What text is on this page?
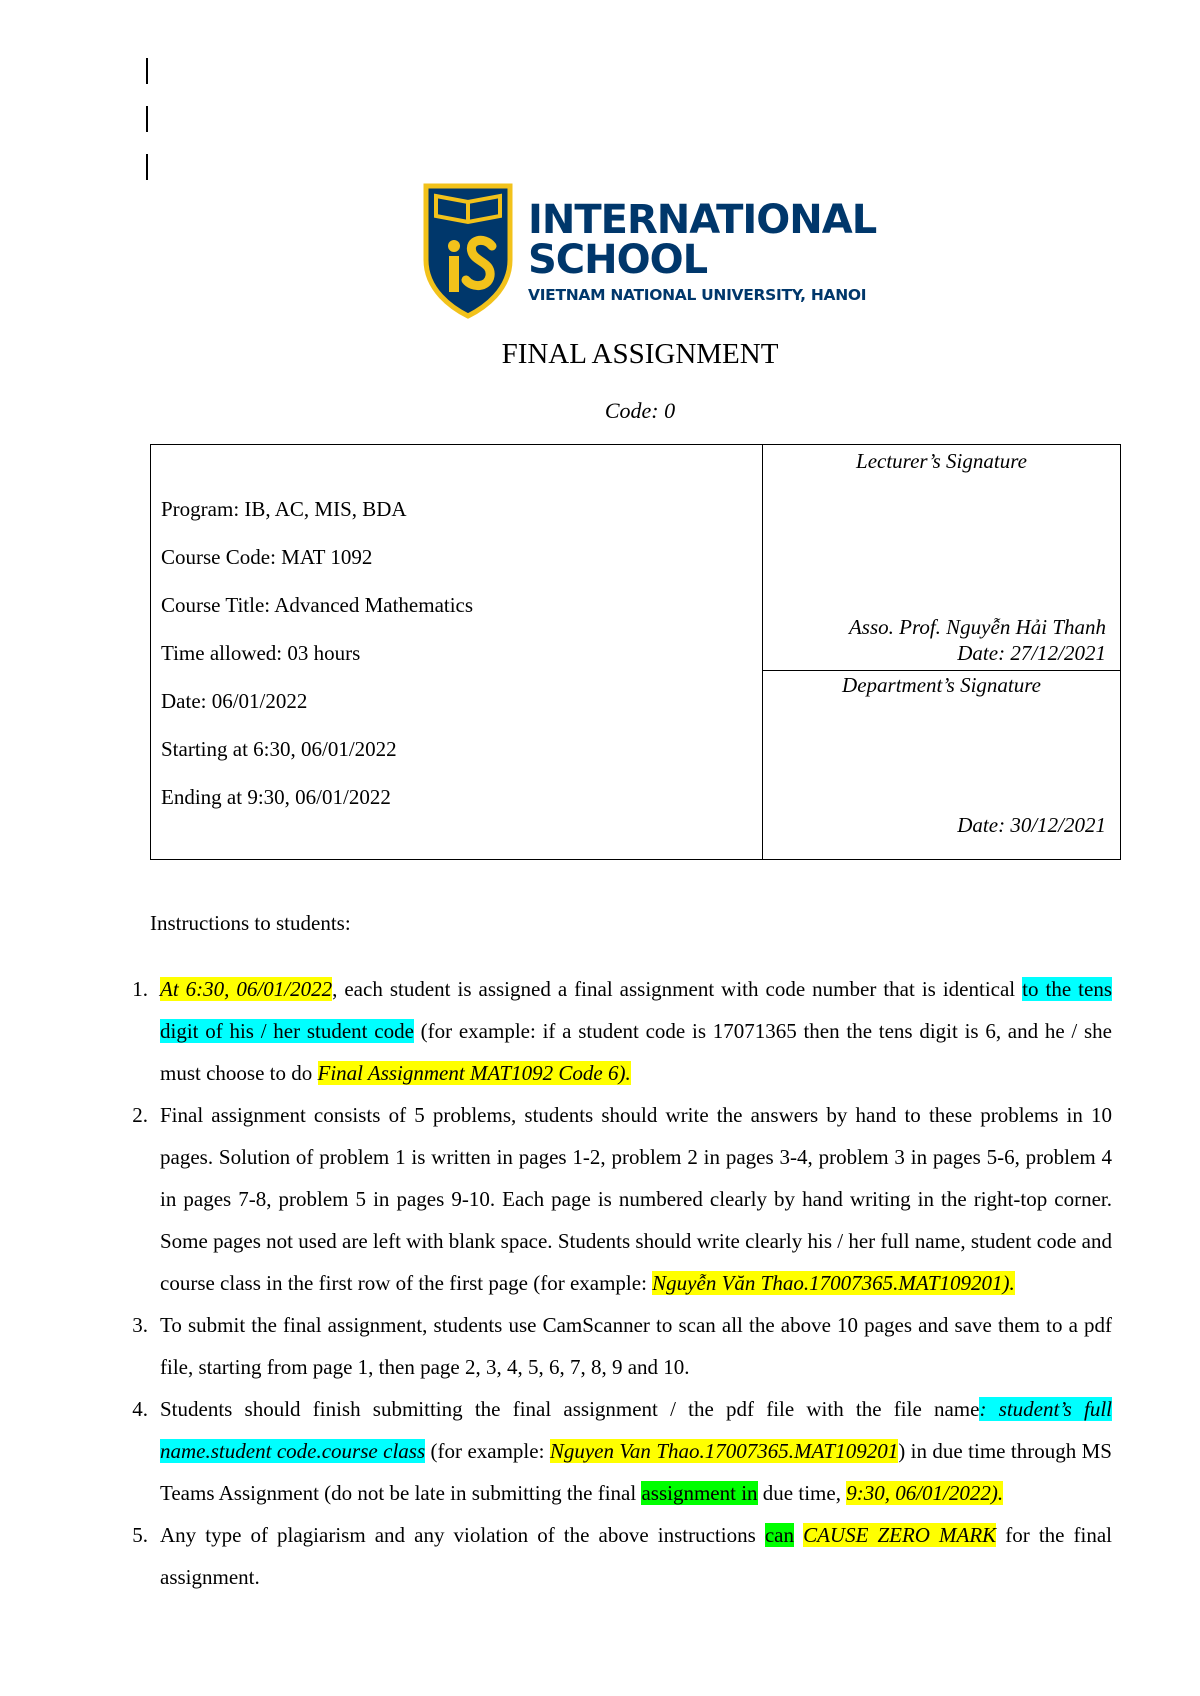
INTERNATIONAL
SCHOOL
VIETNAM NATIONAL UNIVERSITY, HANOI
FINAL ASSIGNMENT
Code: 0
Program: IB, AC, MIS, BDA
Course Code: MAT 1092
Course Title: Advanced Mathematics
Time allowed: 03 hours
Date: 06/01/2022
Starting at 6:30, 06/01/2022
Ending at 9:30, 06/01/2022
Lecturer’s Signature
Asso. Prof. Nguyễn Hải Thanh
Date: 27/12/2021
Department’s Signature
Date: 30/12/2021
Instructions to students:
1. At 6:30, 06/01/2022, each student is assigned a final assignment with code number that is identical to the tens digit of his / her student code (for example: if a student code is 17071365 then the tens digit is 6, and he / she must choose to do Final Assignment MAT1092 Code 6).
2. Final assignment consists of 5 problems, students should write the answers by hand to these problems in 10 pages. Solution of problem 1 is written in pages 1-2, problem 2 in pages 3-4, problem 3 in pages 5-6, problem 4 in pages 7-8, problem 5 in pages 9-10. Each page is numbered clearly by hand writing in the right-top corner. Some pages not used are left with blank space. Students should write clearly his / her full name, student code and course class in the first row of the first page (for example: Nguyễn Văn Thao.17007365.MAT109201).
3. To submit the final assignment, students use CamScanner to scan all the above 10 pages and save them to a pdf file, starting from page 1, then page 2, 3, 4, 5, 6, 7, 8, 9 and 10.
4. Students should finish submitting the final assignment / the pdf file with the file name: student’s full name.student code.course class (for example: Nguyen Van Thao.17007365.MAT109201) in due time through MS Teams Assignment (do not be late in submitting the final assignment in due time, 9:30, 06/01/2022).
5. Any type of plagiarism and any violation of the above instructions can CAUSE ZERO MARK for the final assignment.
